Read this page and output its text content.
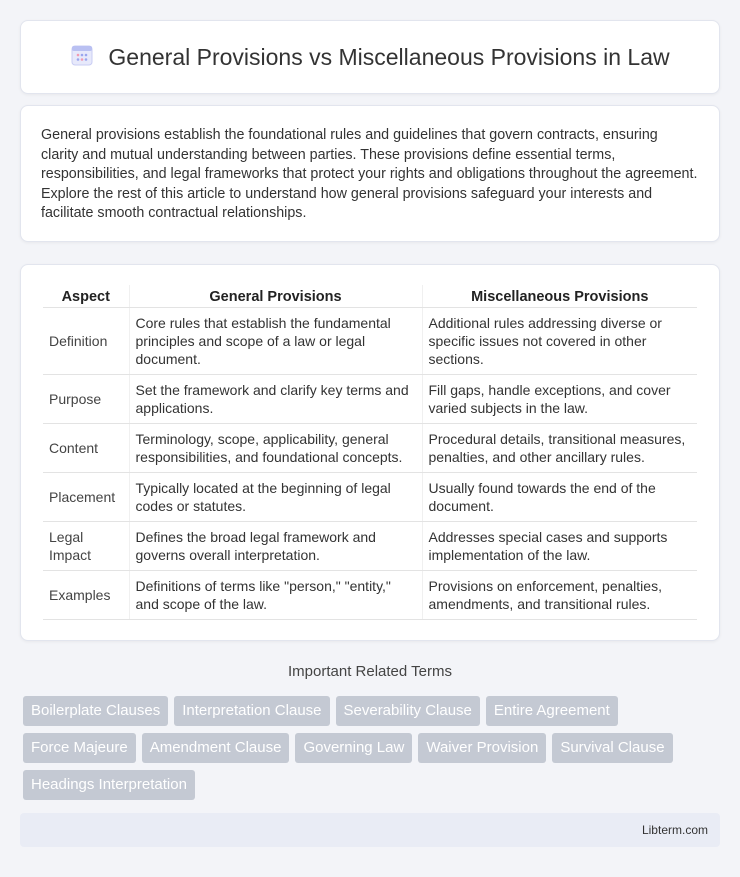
General Provisions vs Miscellaneous Provisions in Law

General provisions establish the foundational rules and guidelines that govern contracts, ensuring clarity and mutual understanding between parties. These provisions define essential terms, responsibilities, and legal frameworks that protect your rights and obligations throughout the agreement. Explore the rest of this article to understand how general provisions safeguard your interests and facilitate smooth contractual relationships.

Aspect	General Provisions	Miscellaneous Provisions
Definition	Core rules that establish the fundamental principles and scope of a law or legal document.	Additional rules addressing diverse or specific issues not covered in other sections.
Purpose	Set the framework and clarify key terms and applications.	Fill gaps, handle exceptions, and cover varied subjects in the law.
Content	Terminology, scope, applicability, general responsibilities, and foundational concepts.	Procedural details, transitional measures, penalties, and other ancillary rules.
Placement	Typically located at the beginning of legal codes or statutes.	Usually found towards the end of the document.
Legal Impact	Defines the broad legal framework and governs overall interpretation.	Addresses special cases and supports implementation of the law.
Examples	Definitions of terms like "person," "entity," and scope of the law.	Provisions on enforcement, penalties, amendments, and transitional rules.
Important Related Terms
Boilerplate Clauses	Interpretation Clause	Severability Clause	Entire Agreement
Force Majeure	Amendment Clause	Governing Law	Waiver Provision	Survival Clause
Headings Interpretation
Libterm.com
